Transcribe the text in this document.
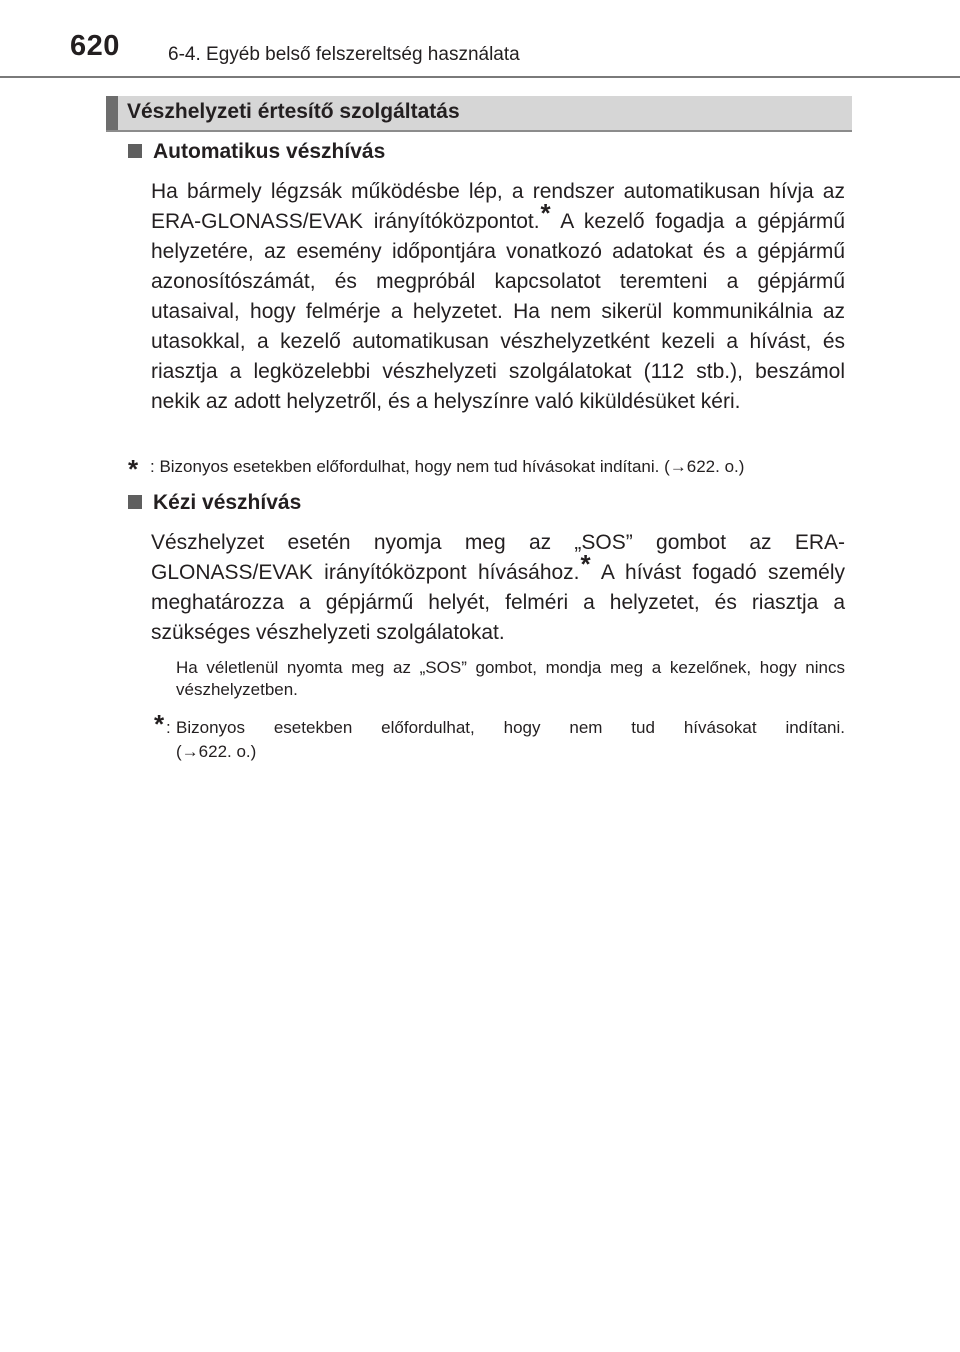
620	6-4. Egyéb belső felszereltség használata
Vészhelyzeti értesítő szolgáltatás
Automatikus vészhívás
Ha bármely légzsák működésbe lép, a rendszer automatikusan hívja az ERA-GLONASS/EVAK irányítóközpontot.* A kezelő fogadja a gépjármű helyzetére, az esemény időpontjára vonatkozó adatokat és a gépjármű azonosítószámát, és megpróbál kapcsolatot teremteni a gépjármű utasaival, hogy felmérje a helyzetet. Ha nem sikerül kommunikálnia az utasokkal, a kezelő automatikusan vészhelyzetként kezeli a hívást, és riasztja a legközelebbi vészhelyzeti szolgálatokat (112 stb.), beszámol nekik az adott helyzetről, és a helyszínre való kiküldésüket kéri.
* : Bizonyos esetekben előfordulhat, hogy nem tud hívásokat indítani. (→622. o.)
Kézi vészhívás
Vészhelyzet esetén nyomja meg az „SOS” gombot az ERA-GLONASS/EVAK irányítóközpont hívásához.* A hívást fogadó személy meghatározza a gépjármű helyét, felméri a helyzetet, és riasztja a szükséges vészhelyzeti szolgálatokat.
Ha véletlenül nyomta meg az „SOS” gombot, mondja meg a kezelőnek, hogy nincs vészhelyzetben.
* : Bizonyos esetekben előfordulhat, hogy nem tud hívásokat indítani.
(→622. o.)
